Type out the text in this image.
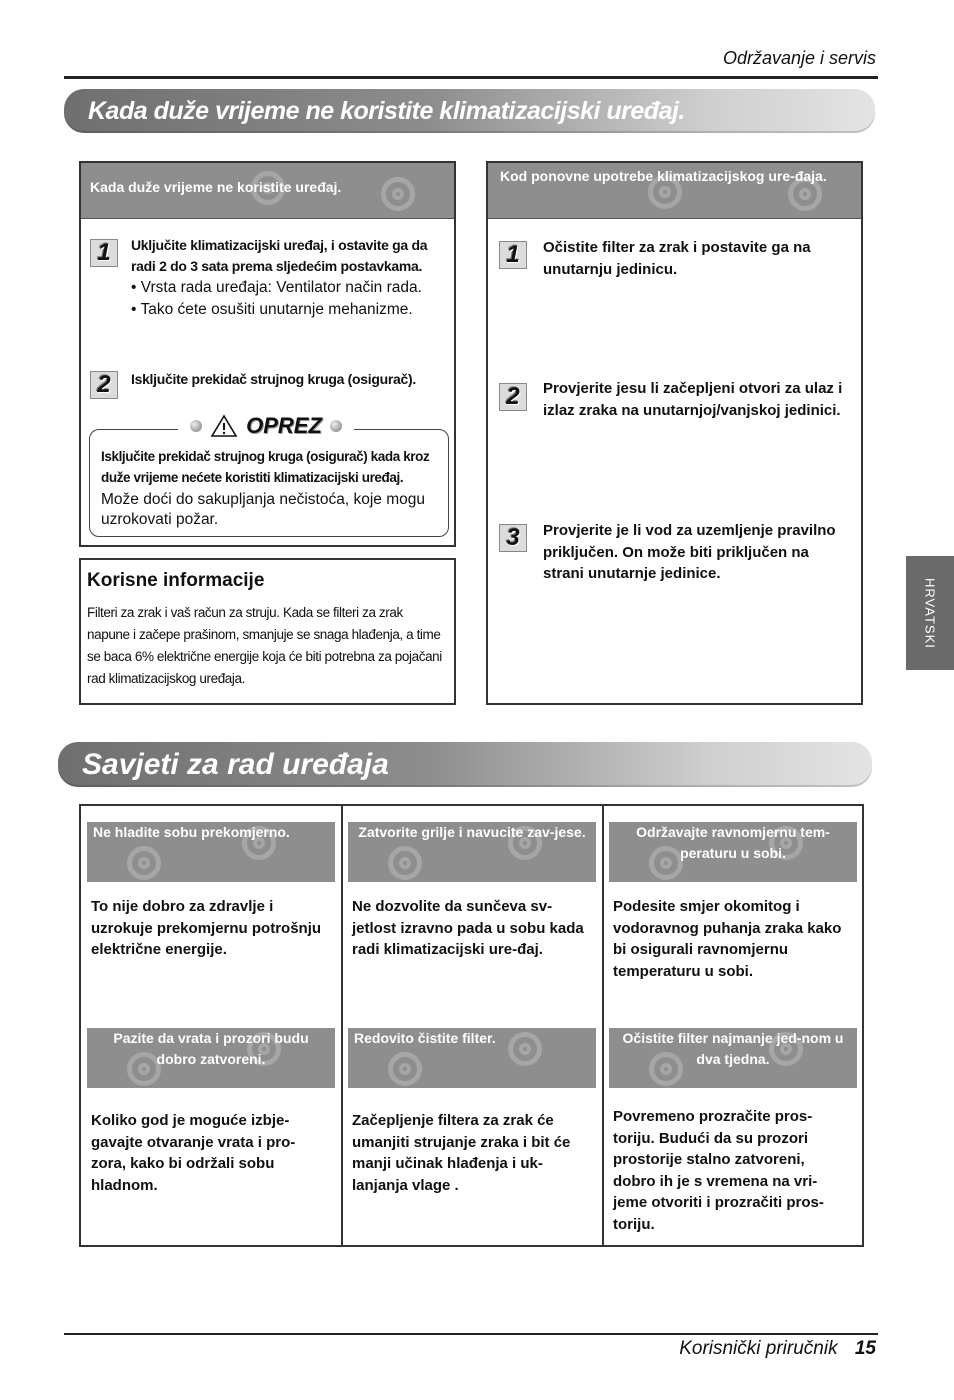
Održavanje i servis
Kada duže vrijeme ne koristite klimatizacijski uređaj.
Kada duže vrijeme ne koristite uređaj.
1	Uključite klimatizacijski uređaj, i ostavite ga da radi 2 do 3 sata prema sljedećim postavkama.
• Vrsta rada uređaja: Ventilator način rada.
• Tako ćete osušiti unutarnje mehanizme.
2	Isključite prekidač strujnog kruga (osigurač).
OPREZ
Isključite prekidač strujnog kruga (osigurač) kada kroz duže vrijeme nećete koristiti klimatizacijski uređaj.
Može doći do sakupljanja nečistoća, koje mogu uzrokovati požar.
Korisne informacije
Filteri za zrak i vaš račun za struju. Kada se filteri za zrak napune i začepe prašinom, smanjuje se snaga hlađenja, a time se baca 6% električne energije koja će biti potrebna za pojačani rad klimatizacijskog uređaja.
Kod ponovne upotrebe klimatizacijskog ure-đaja.
1	Očistite filter za zrak i postavite ga na unutarnju jedinicu.
2	Provjerite jesu li začepljeni otvori za ulaz i izlaz zraka na unutarnjoj/vanjskoj jedinici.
3	Provjerite je li vod za uzemljenje pravilno priključen. On može biti priključen na strani unutarnje jedinice.
HRVATSKI
Savjeti za rad uređaja
Ne hladite sobu prekomjerno.
To nije dobro za zdravlje i uzrokuje prekomjernu potrošnju električne energije.
Zatvorite grilje i navucite zav-jese.
Ne dozvolite da sunčeva sv-jetlost izravno pada u sobu kada radi klimatizacijski ure-đaj.
Održavajte ravnomjernu tem-peraturu u sobi.
Podesite smjer okomitog i vodoravnog puhanja zraka kako bi osigurali ravnomjernu temperaturu u sobi.
Pazite da vrata i prozori budu dobro zatvoreni.
Koliko god je moguće izbje-gavajte otvaranje vrata i pro-zora, kako bi održali sobu hladnom.
Redovito čistite filter.
Začepljenje filtera za zrak će umanjiti strujanje zraka i bit će manji učinak hlađenja i uk-lanjanja vlage .
Očistite filter najmanje jed-nom u dva tjedna.
Povremeno prozračite pros-toriju. Budući da su prozori prostorije stalno zatvoreni, dobro ih je s vremena na vri-jeme otvoriti i prozračiti pros-toriju.
Korisnički priručnik 15
